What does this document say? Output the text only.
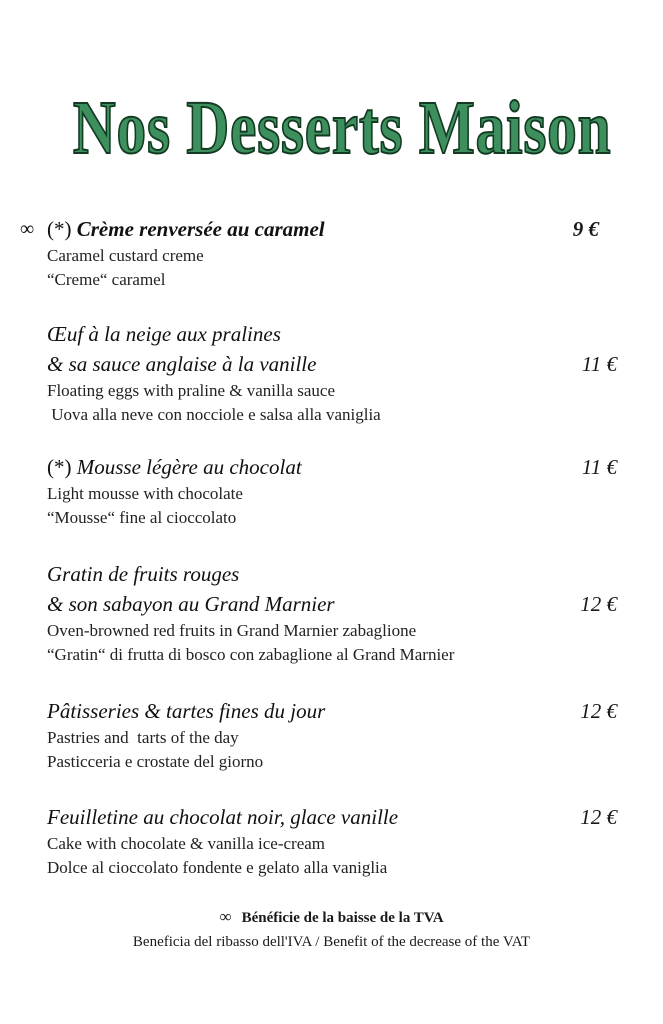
Nos Desserts Maison
∞ (*) Crème renversée au caramel	9 €
Caramel custard creme
“Creme“ caramel
Œuf à la neige aux pralines
& sa sauce anglaise à la vanille	11 €
Floating eggs with praline & vanilla sauce
Uova alla neve con nocciole e salsa alla vaniglia
(*) Mousse légère au chocolat	11 €
Light mousse with chocolate
“Mousse“ fine al cioccolato
Gratin de fruits rouges
& son sabayon au Grand Marnier	12 €
Oven-browned red fruits in Grand Marnier zabaglione
“Gratin“ di frutta di bosco con zabaglione al Grand Marnier
Pâtisseries & tartes fines du jour	12 €
Pastries and  tarts of the day
Pasticceria e crostate del giorno
Feuilletine au chocolat noir, glace vanille	12 €
Cake with chocolate & vanilla ice-cream
Dolce al cioccolato fondente e gelato alla vaniglia
∞ Bénéficie de la baisse de la TVA
Beneficia del ribasso dell'IVA / Benefit of the decrease of the VAT
